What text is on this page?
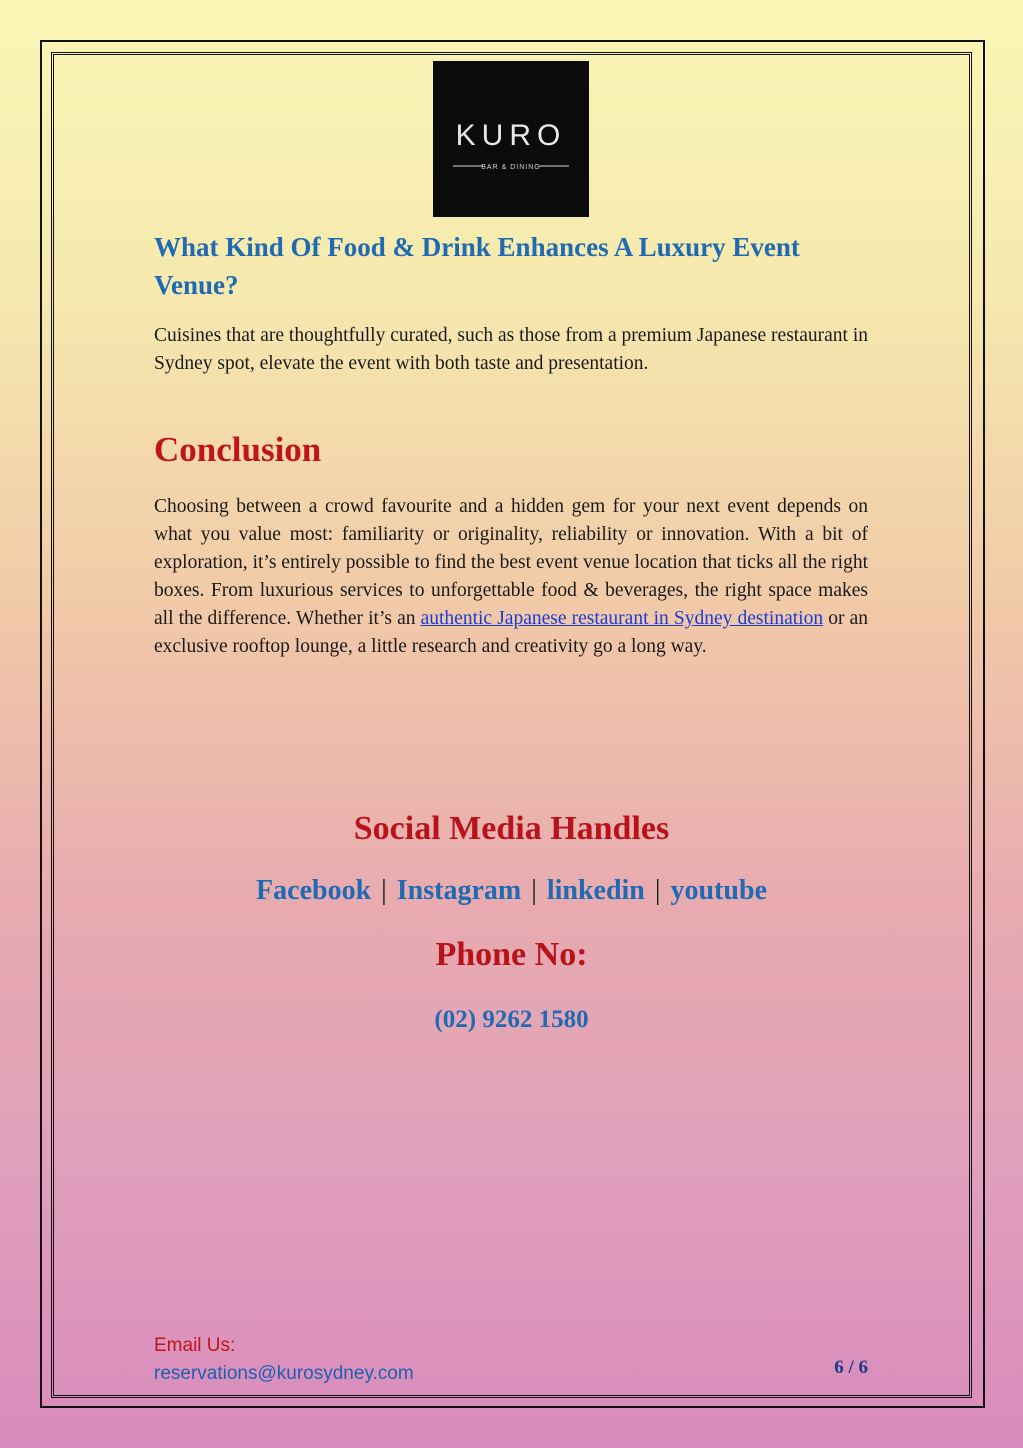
KURO
BAR & DINING
What Kind Of Food & Drink Enhances A Luxury Event Venue?

Cuisines that are thoughtfully curated, such as those from a premium Japanese restaurant in Sydney spot, elevate the event with both taste and presentation.

Conclusion

Choosing between a crowd favourite and a hidden gem for your next event depends on what you value most: familiarity or originality, reliability or innovation. With a bit of exploration, it’s entirely possible to find the best event venue location that ticks all the right boxes. From luxurious services to unforgettable food & beverages, the right space makes all the difference. Whether it’s an authentic Japanese restaurant in Sydney destination or an exclusive rooftop lounge, a little research and creativity go a long way.

Social Media Handles
Facebook | Instagram | linkedin | youtube
Phone No:
(02) 9262 1580
Email Us:
reservations@kurosydney.com	6 / 6
